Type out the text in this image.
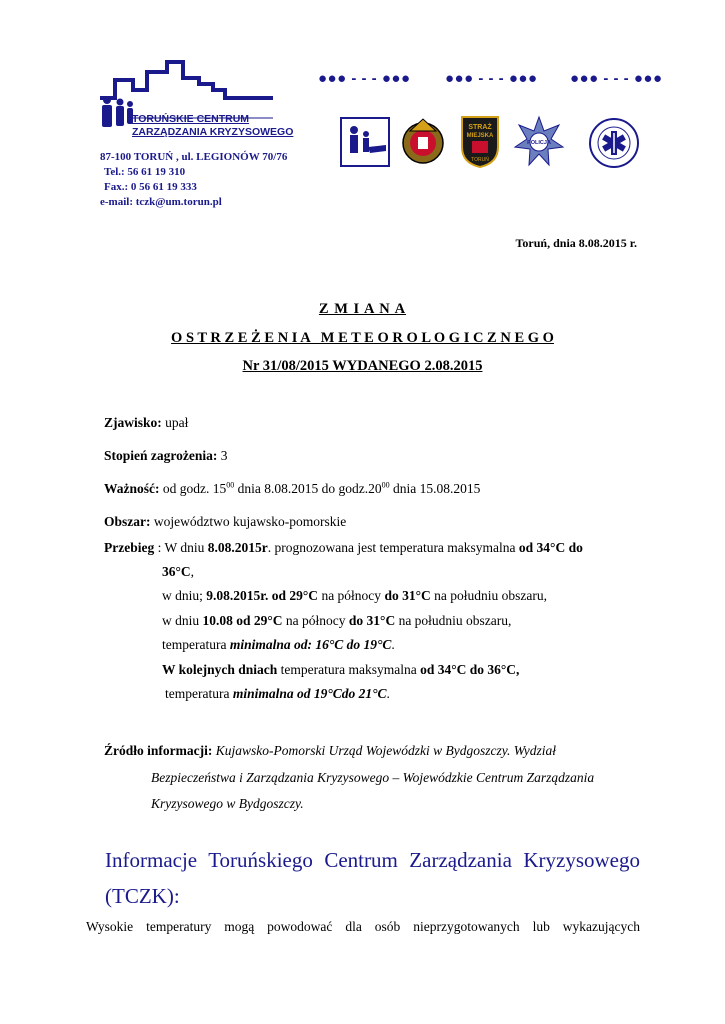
TORUŃSKIE CENTRUM
ZARZĄDZANIA KRYZYSOWEGO
●●● - - - ●●● ●●● - - - ●●● ●●● - - - ●●●
STRAŻ
MIEJSKA
TORUŃ
POLICJA
87-100 TORUŃ , ul. LEGIONÓW 70/76
Tel.: 56 61 19 310
Fax.: 0 56 61 19 333
e-mail: tczk@um.torun.pl
Toruń, dnia 8.08.2015 r.
Z M I A N A
O S T R Z E Ż E N I A   M E T E O R O L O G I C Z N E G O
Nr 31/08/2015 WYDANEGO 2.08.2015
Zjawisko: upał
Stopień zagrożenia: 3
Ważność: od godz. $15^{00}$ dnia 8.08.2015 do $godz.20^{00}$ dnia 15.08.2015
Obszar: województwo kujawsko-pomorskie
Przebieg : W dniu 8.08.2015r. prognozowana jest temperatura maksymalna od 34°C do
36°C,
w dniu; 9.08.2015r. od 29°C na północy do 31°C na południu obszaru,
w dniu 10.08 od 29°C na północy do 31°C na południu obszaru,
temperatura minimalna od: 16°C do 19°C.
W kolejnych dniach temperatura maksymalna od 34°C do 36°C,
temperatura minimalna od 19°Cdo 21°C.
Źródło informacji: Kujawsko-Pomorski Urząd Wojewódzki w Bydgoszczy. Wydział
Bezpieczeństwa i Zarządzania Kryzysowego – Wojewódzkie Centrum Zarządzania
Kryzysowego w Bydgoszczy.
Informacje Toruńskiego Centrum Zarządzania Kryzysowego
(TCZK):
Wysokie temperatury mogą powodować dla osób nieprzygotowanych lub wykazujących
